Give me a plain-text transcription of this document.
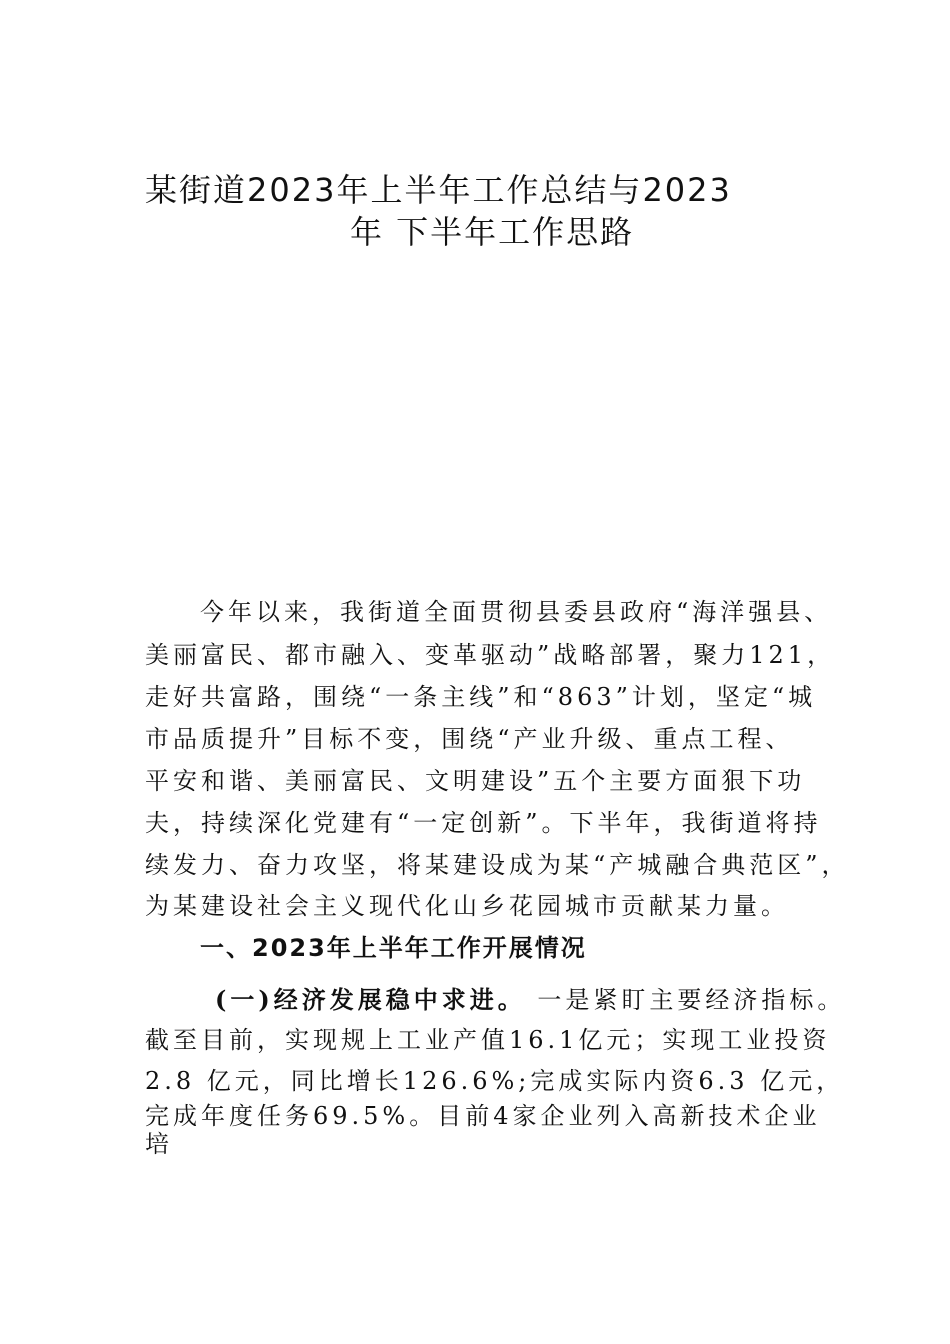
某街道2023年上半年工作总结与2023
年 下半年工作思路
今年以来，我街道全面贯彻县委县政府“海洋强县、
美丽富民、都市融入、变革驱动”战略部署，聚力121，
走好共富路，围绕“一条主线”和“863”计划，坚定“城
市品质提升”目标不变，围绕“产业升级、重点工程、
平安和谐、美丽富民、文明建设”五个主要方面狠下功
夫，持续深化党建有“一定创新”。下半年，我街道将持
续发力、奋力攻坚，将某建设成为某“产城融合典范区”，
为某建设社会主义现代化山乡花园城市贡献某力量。
一、2023年上半年工作开展情况
(一)经济发展稳中求进。 一是紧盯主要经济指标。
截至目前，实现规上工业产值16.1亿元；实现工业投资
2.8 亿元，同比增长126.6%;完成实际内资6.3 亿元，
完成年度任务69.5%。目前4家企业列入高新技术企业
培
